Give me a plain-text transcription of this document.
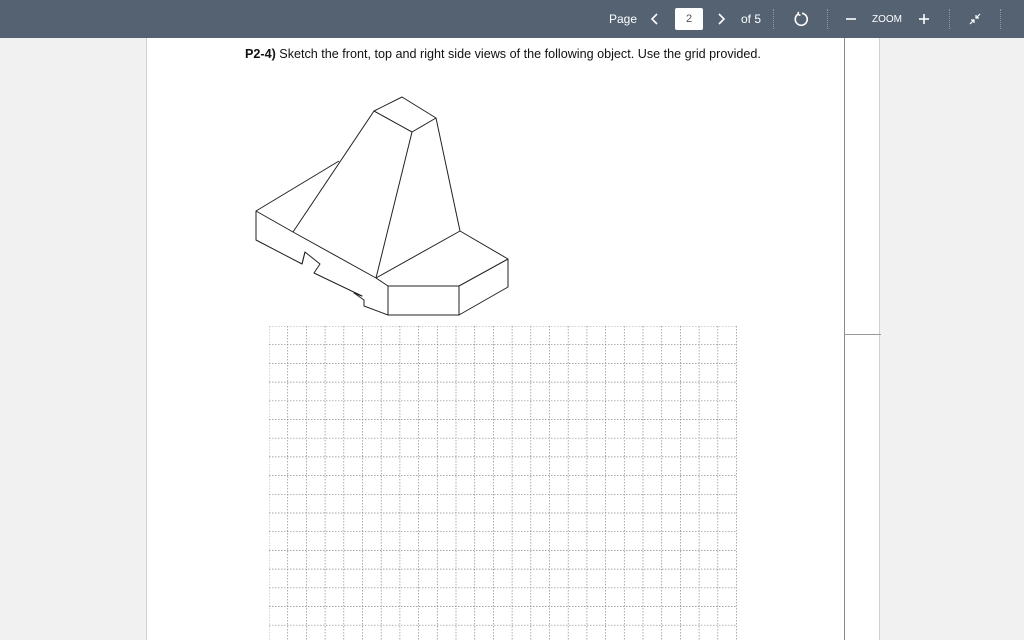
Page
2	of 5	ZOOM
P2-4) Sketch the front, top and right side views of the following object. Use the grid provided.
